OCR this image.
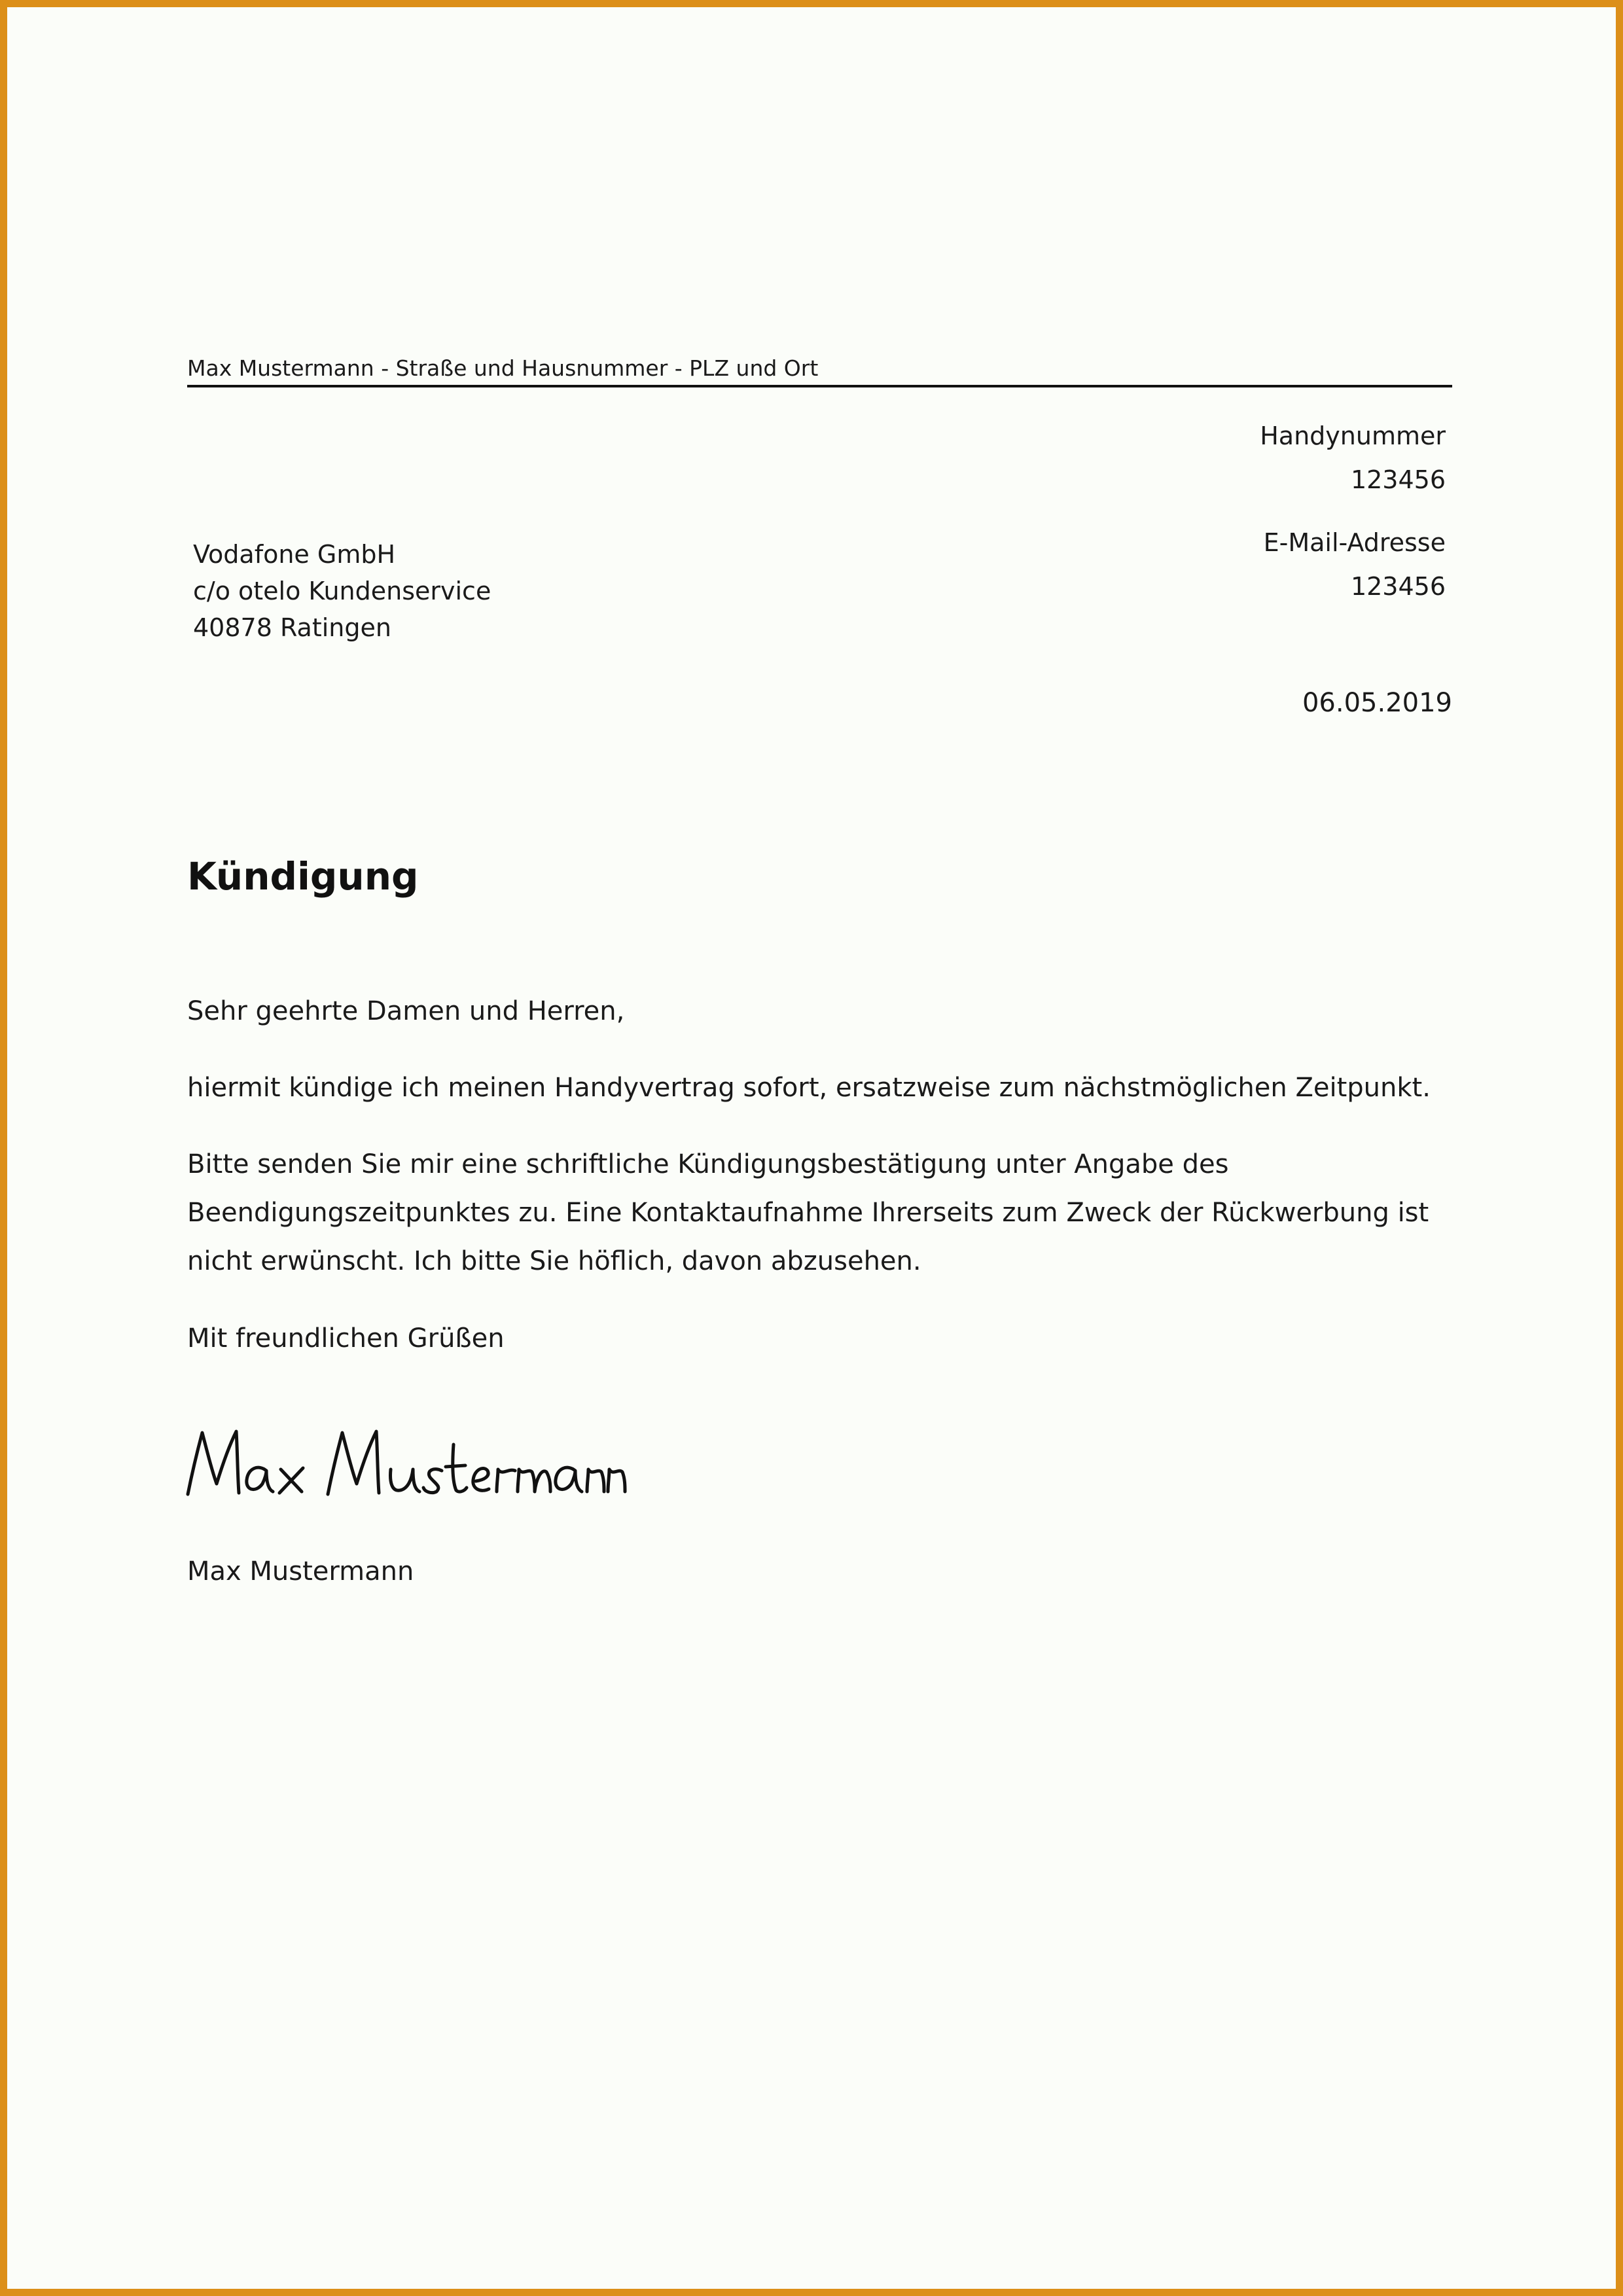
Max Mustermann - Straße und Hausnummer - PLZ und Ort
Handynummer
123456
E-Mail-Adresse
123456
Vodafone GmbH
c/o otelo Kundenservice
40878 Ratingen
06.05.2019
Kündigung

Sehr geehrte Damen und Herren,

hiermit kündige ich meinen Handyvertrag sofort, ersatzweise zum nächstmöglichen Zeitpunkt.

Bitte senden Sie mir eine schriftliche Kündigungsbestätigung unter Angabe des Beendigungszeitpunktes zu. Eine Kontaktaufnahme Ihrerseits zum Zweck der Rückwerbung ist nicht erwünscht. Ich bitte Sie höflich, davon abzusehen.

Mit freundlichen Grüßen

Max Mustermann
